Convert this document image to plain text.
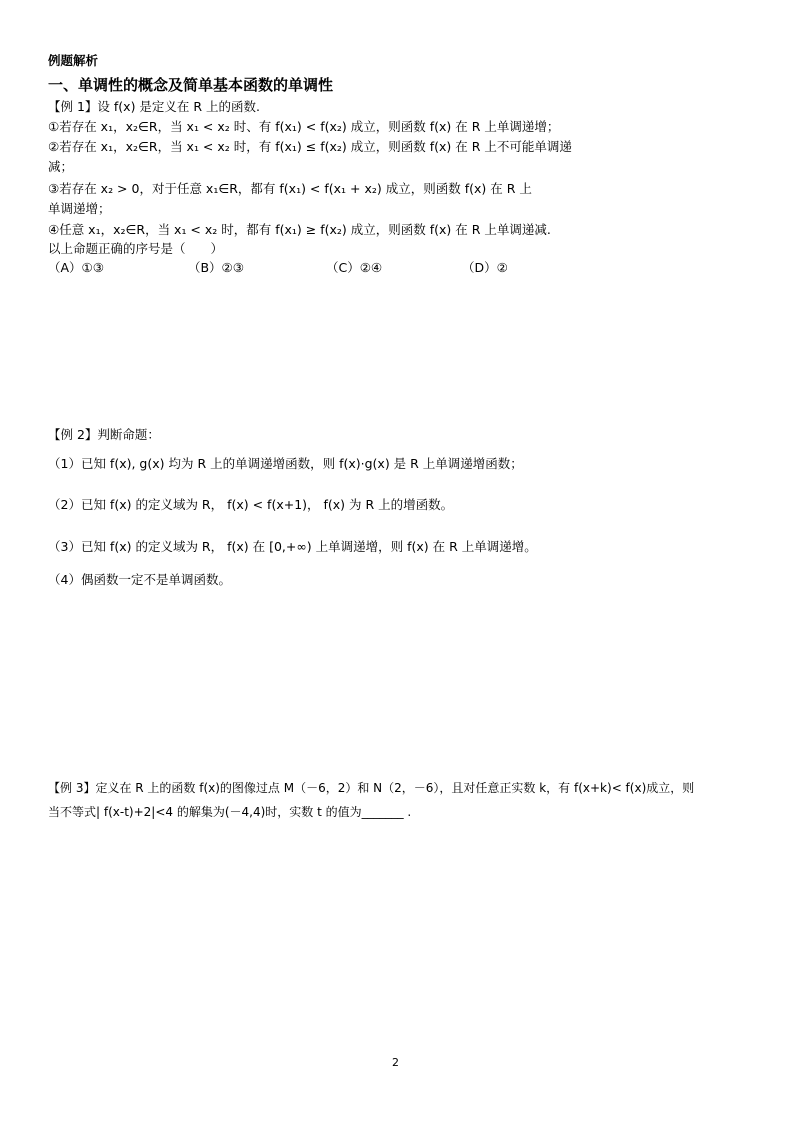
例题解析
一、单调性的概念及简单基本函数的单调性
【例 1】设 f(x) 是定义在 R 上的函数.
①若存在 x₁，x₂∈R，当 x₁ < x₂ 时、有 f(x₁) < f(x₂) 成立，则函数 f(x) 在 R 上单调递增；
②若存在 x₁，x₂∈R，当 x₁ < x₂ 时，有 f(x₁) ≤ f(x₂) 成立，则函数 f(x) 在 R 上不可能单调递
减；
③若存在 x₂ > 0，对于任意 x₁∈R，都有 f(x₁) < f(x₁ + x₂) 成立，则函数 f(x) 在 R 上
单调递增；
④任意 x₁，x₂∈R，当 x₁ < x₂ 时，都有 f(x₁) ≥ f(x₂) 成立，则函数 f(x) 在 R 上单调递减.
以上命题正确的序号是（　　）
（A）①③	（B）②③	（C）②④	（D）②
【例 2】判断命题：
（1）已知 f(x), g(x) 均为 R 上的单调递增函数，则 f(x)·g(x) 是 R 上单调递增函数；
（2）已知 f(x) 的定义域为 R， f(x) < f(x+1)， f(x) 为 R 上的增函数。
（3）已知 f(x) 的定义域为 R， f(x) 在 [0,+∞) 上单调递增，则 f(x) 在 R 上单调递增。
（4）偶函数一定不是单调函数。
【例 3】定义在 R 上的函数 f(x)的图像过点 M（－6，2）和 N（2，－6），且对任意正实数 k，有 f(x+k)< f(x)成立，则
当不等式| f(x-t)+2|<4 的解集为(－4,4)时，实数 t 的值为_______ .
2
